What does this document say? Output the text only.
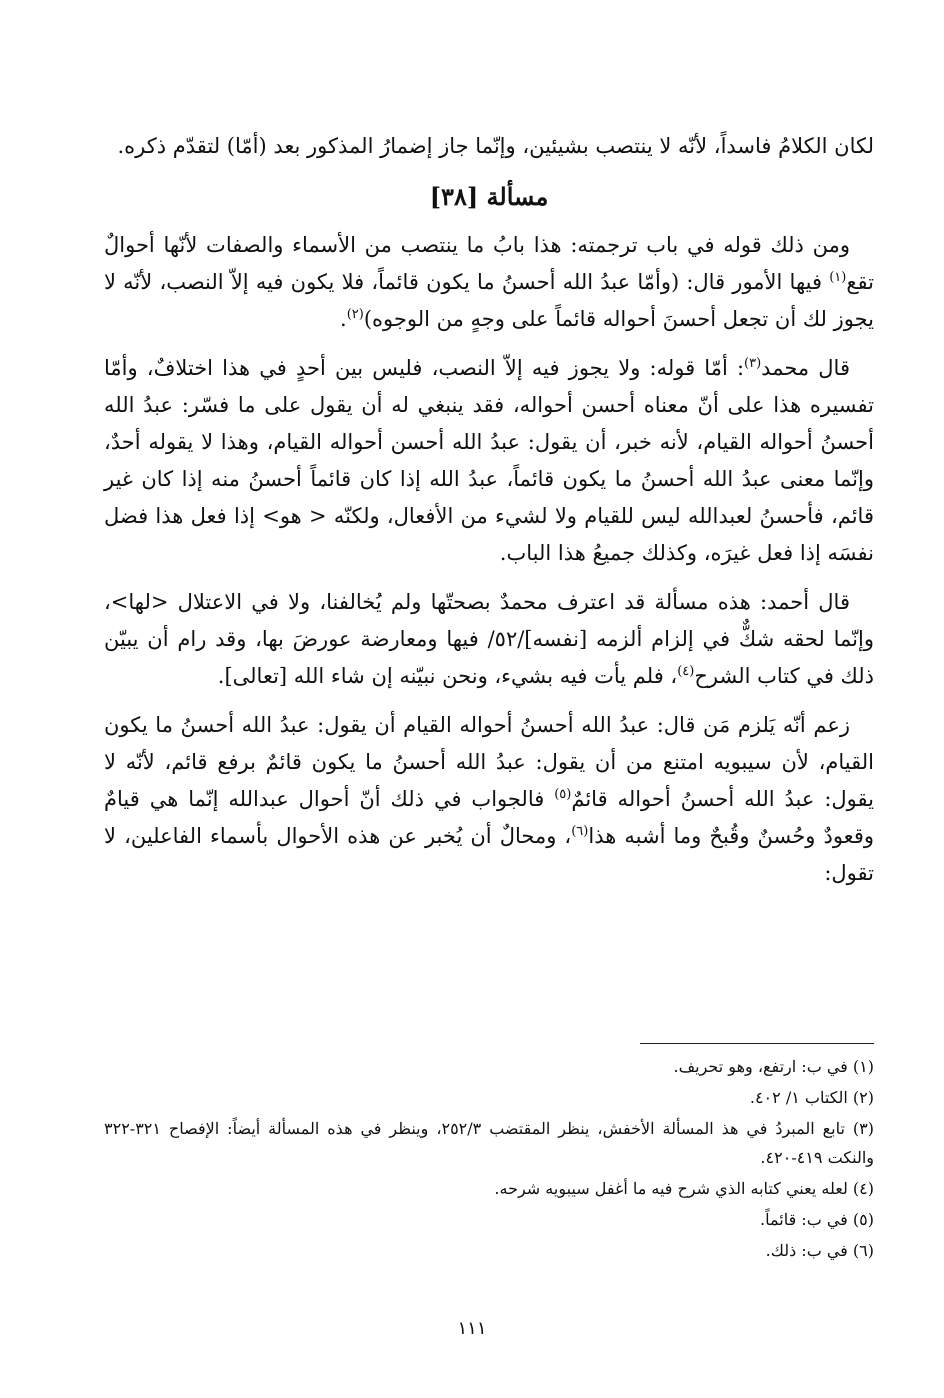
لكان الكلامُ فاسداً، لأنّه لا ينتصب بشيئين، وإنّما جاز إضمارُ المذكور بعد (أمّا) لتقدّم ذكره.

مسألة [٣٨]

ومن ذلك قوله في باب ترجمته: هذا بابُ ما ينتصب من الأسماء والصفات لأنّها أحوالٌ تقع$^{(١)}$ فيها الأمور قال: (وأمّا عبدُ الله أحسنُ ما يكون قائماً، فلا يكون فيه إلاّ النصب، لأنّه لا يجوز لك أن تجعل أحسنَ أحواله قائماً على وجهٍ من الوجوه)$^{(٢)}$.

قال محمد$^{(٣)}$: أمّا قوله: ولا يجوز فيه إلاّ النصب، فليس بين أحدٍ في هذا اختلافٌ، وأمّا تفسيره هذا على أنّ معناه أحسن أحواله، فقد ينبغي له أن يقول على ما فسّر: عبدُ الله أحسنُ أحواله القيام، لأنه خبر، أن يقول: عبدُ الله أحسن أحواله القيام، وهذا لا يقوله أحدٌ، وإنّما معنى عبدُ الله أحسنُ ما يكون قائماً، عبدُ الله إذا كان قائماً أحسنُ منه إذا كان غير قائم، فأحسنُ لعبدالله ليس للقيام ولا لشيء من الأفعال، ولكنّه < هو> إذا فعل هذا فضل نفسَه إذا فعل غيرَه، وكذلك جميعُ هذا الباب.

قال أحمد: هذه مسألة قد اعترف محمدٌ بصحتّها ولم يُخالفنا، ولا في الاعتلال <لها>، وإنّما لحقه شكٌّ في إلزام ألزمه [نفسه]/٥٢/ فيها ومعارضة عورضَ بها، وقد رام أن يبيّن ذلك في كتاب الشرح$^{(٤)}$، فلم يأت فيه بشيء، ونحن نبيّنه إن شاء الله [تعالى].

زعم أنّه يَلزم مَن قال: عبدُ الله أحسنُ أحواله القيام أن يقول: عبدُ الله أحسنُ ما يكون القيام، لأن سيبويه امتنع من أن يقول: عبدُ الله أحسنُ ما يكون قائمٌ برفع قائم، لأنّه لا يقول: عبدُ الله أحسنُ أحواله قائمٌ$^{(٥)}$ فالجواب في ذلك أنّ أحوال عبدالله إنّما هي قيامٌ وقعودٌ وحُسنٌ وقُبحٌ وما أشبه هذا$^{(٦)}$، ومحالٌ أن يُخبر عن هذه الأحوال بأسماء الفاعلين، لا تقول:

(١) في ب: ارتفع، وهو تحريف.
(٢) الكتاب ١/ ٤٠٢.
(٣) تابع المبردُ في هذ المسألة الأخفش، ينظر المقتضب ٢٥٢/٣، وينظر في هذه المسألة أيضاً: الإفصاح ٣٢١-٣٢٢ والنكت ٤١٩-٤٢٠.
(٤) لعله يعني كتابه الذي شرح فيه ما أغفل سيبويه شرحه.
(٥) في ب: قائماً.
(٦) في ب: ذلك.
١١١
